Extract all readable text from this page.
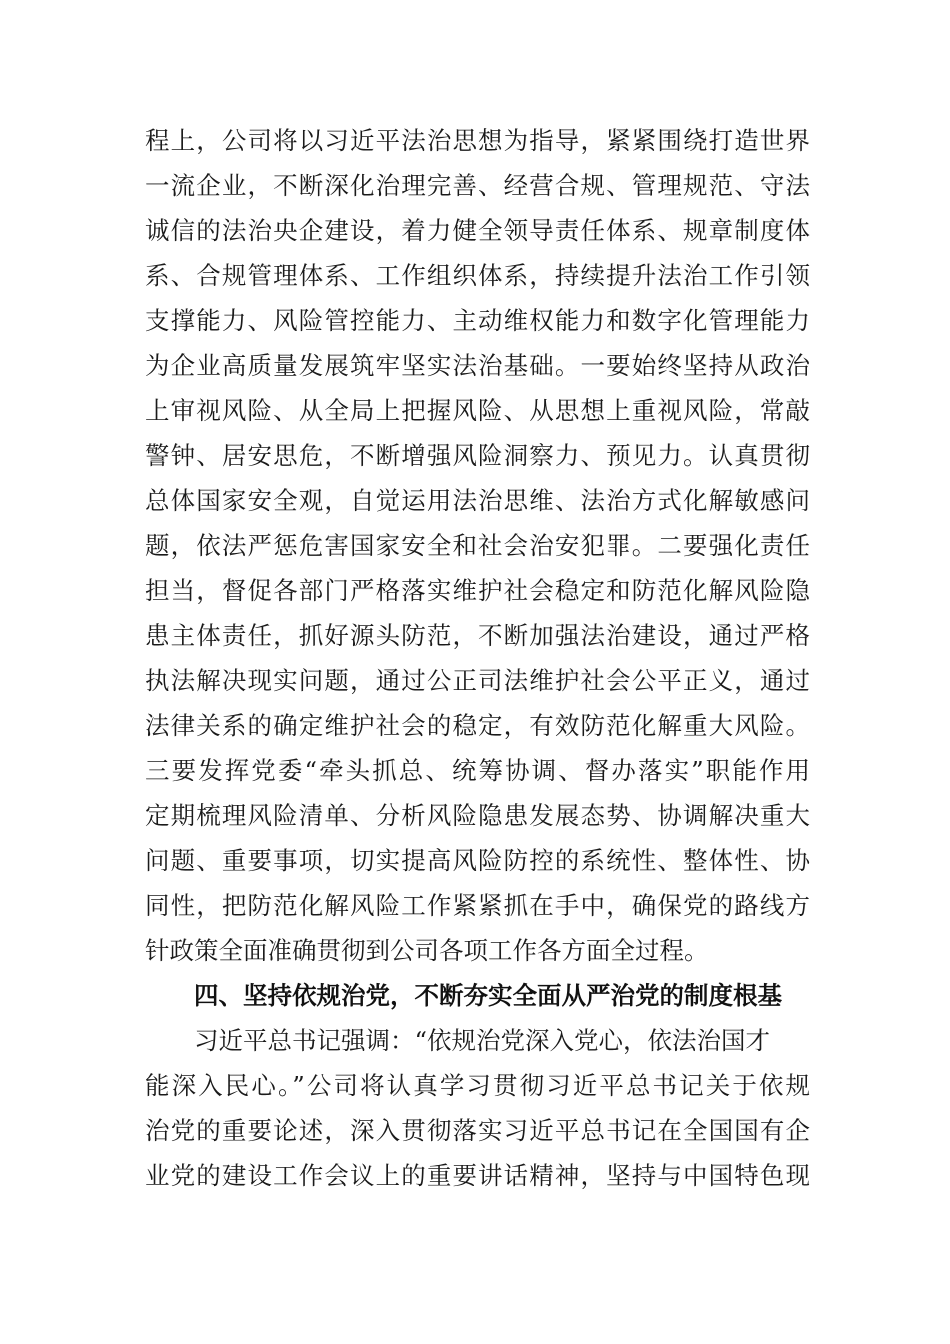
程上，公司将以习近平法治思想为指导，紧紧围绕打造世界
一流企业，不断深化治理完善、经营合规、管理规范、守法
诚信的法治央企建设，着力健全领导责任体系、规章制度体
系、合规管理体系、工作组织体系，持续提升法治工作引领
支撑能力、风险管控能力、主动维权能力和数字化管理能力
为企业高质量发展筑牢坚实法治基础。一要始终坚持从政治
上审视风险、从全局上把握风险、从思想上重视风险，常敲
警钟、居安思危，不断增强风险洞察力、预见力。认真贯彻
总体国家安全观，自觉运用法治思维、法治方式化解敏感问
题，依法严惩危害国家安全和社会治安犯罪。二要强化责任
担当，督促各部门严格落实维护社会稳定和防范化解风险隐
患主体责任，抓好源头防范，不断加强法治建设，通过严格
执法解决现实问题，通过公正司法维护社会公平正义，通过
法律关系的确定维护社会的稳定，有效防范化解重大风险。
三要发挥党委“牵头抓总、统筹协调、督办落实”职能作用
定期梳理风险清单、分析风险隐患发展态势、协调解决重大
问题、重要事项，切实提高风险防控的系统性、整体性、协
同性，把防范化解风险工作紧紧抓在手中，确保党的路线方
针政策全面准确贯彻到公司各项工作各方面全过程。
四、坚持依规治党，不断夯实全面从严治党的制度根基
习近平总书记强调：“依规治党深入党心，依法治国才
能深入民心。”公司将认真学习贯彻习近平总书记关于依规
治党的重要论述，深入贯彻落实习近平总书记在全国国有企
业党的建设工作会议上的重要讲话精神，坚持与中国特色现
